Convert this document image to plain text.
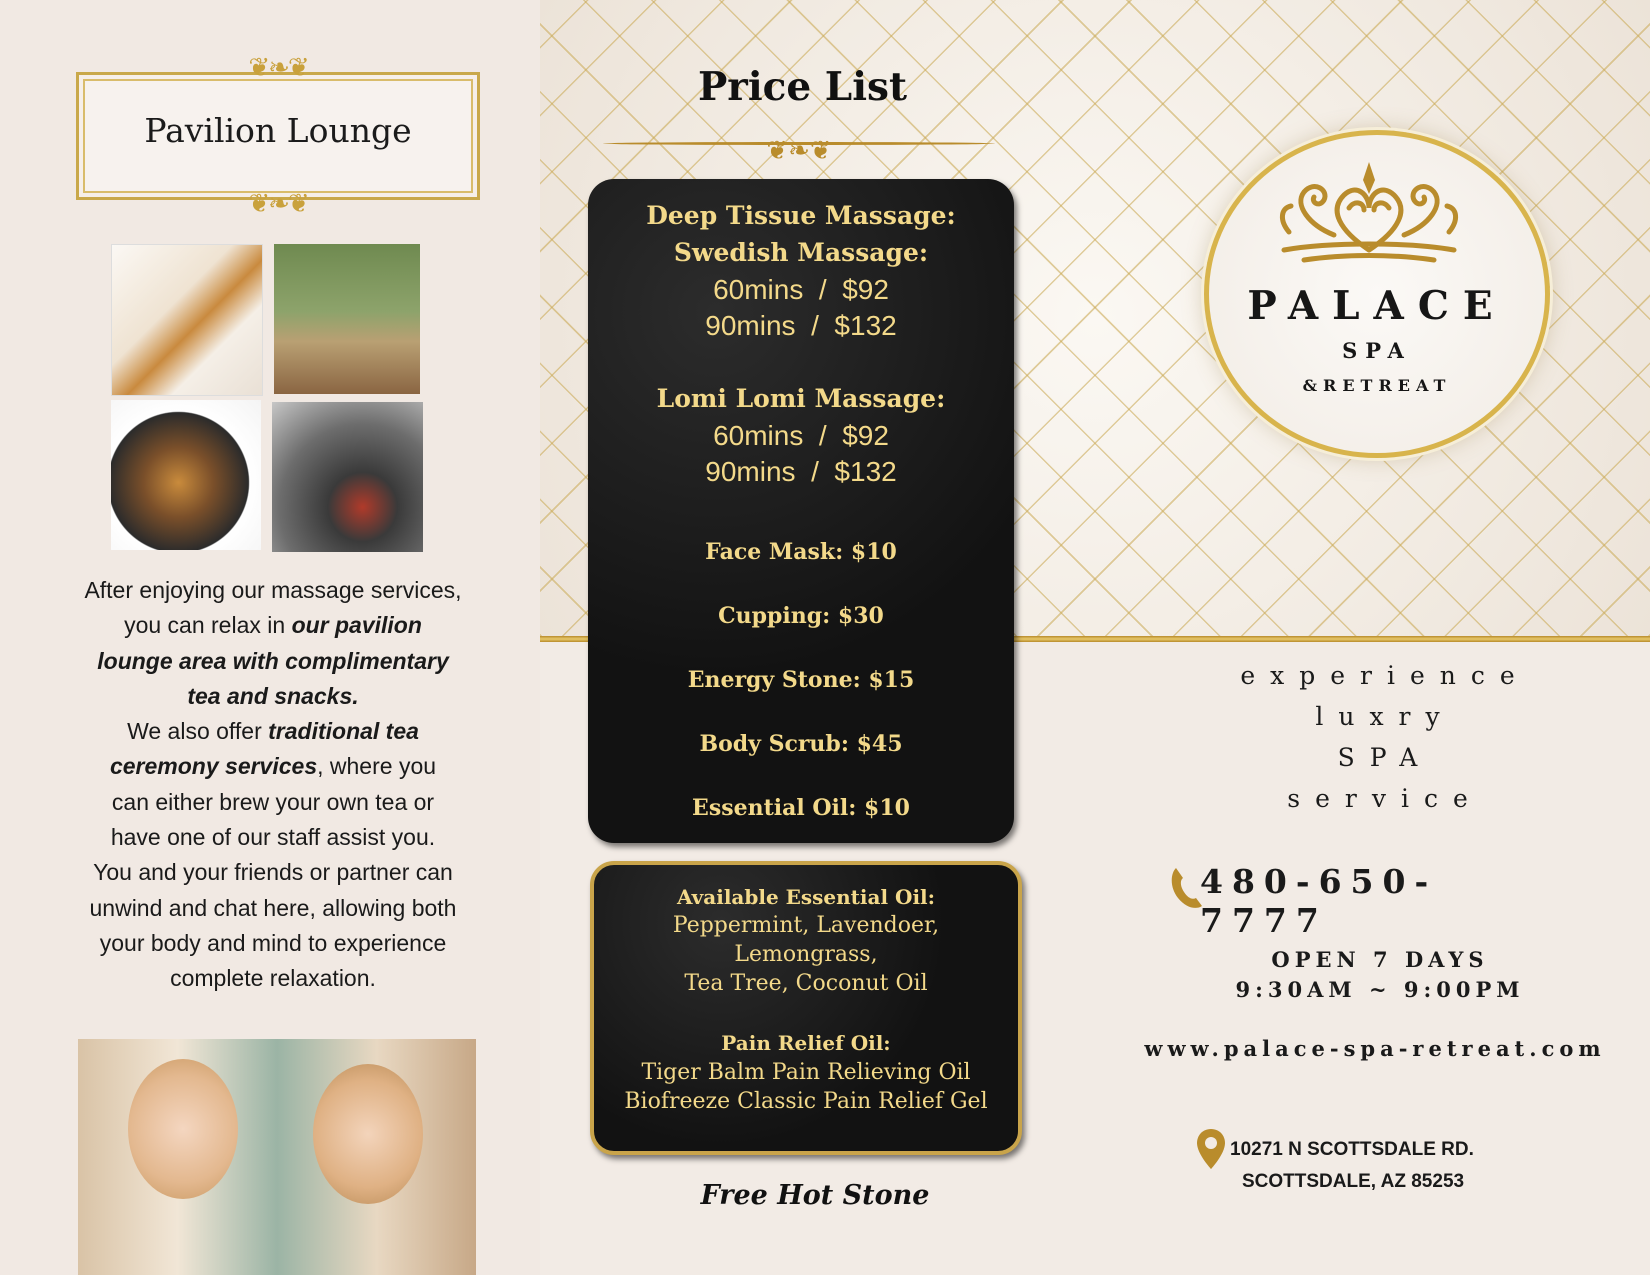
❦❧❦
Pavilion Lounge
❦❧❦
After enjoying our massage services,
you can relax in our pavilion
lounge area with complimentary
tea and snacks.
We also offer traditional tea
ceremony services, where you
can either brew your own tea or
have one of our staff assist you.
You and your friends or partner can
unwind and chat here, allowing both
your body and mind to experience
complete relaxation.
Price List
❦❧❦
Deep Tissue Massage:
Swedish Massage:
60mins  /  $92
90mins  /  $132
Lomi Lomi Massage:
60mins  /  $92
90mins  /  $132
Face Mask: $10
Cupping: $30
Energy Stone: $15
Body Scrub: $45
Essential Oil: $10
Available Essential Oil:
Peppermint, Lavendoer,
Lemongrass,
Tea Tree, Coconut Oil
Pain Relief Oil:
Tiger Balm Pain Relieving Oil
Biofreeze Classic Pain Relief Gel
Free Hot Stone
PALACE
SPA
&RETREAT
experience
luxry
SPA
service
480-650-7777
OPEN 7 DAYS
9:30AM ~ 9:00PM
www.palace-spa-retreat.com
10271 N SCOTTSDALE RD.
SCOTTSDALE, AZ 85253
